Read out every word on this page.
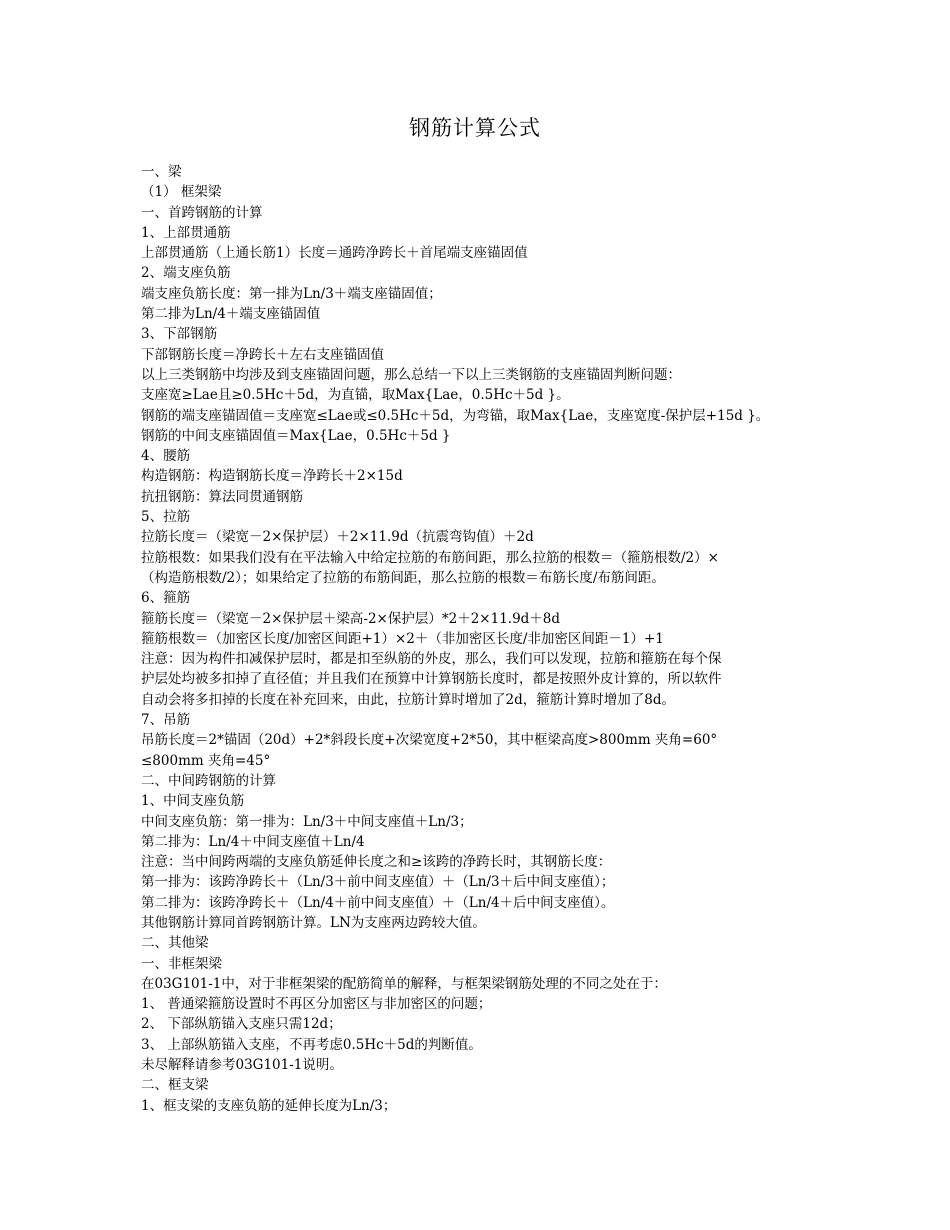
钢筋计算公式
一、梁
（1） 框架梁
一、首跨钢筋的计算
1、上部贯通筋
上部贯通筋（上通长筋1）长度＝通跨净跨长＋首尾端支座锚固值
2、端支座负筋
端支座负筋长度：第一排为Ln/3＋端支座锚固值；
第二排为Ln/4＋端支座锚固值
3、下部钢筋
下部钢筋长度＝净跨长＋左右支座锚固值
以上三类钢筋中均涉及到支座锚固问题，那么总结一下以上三类钢筋的支座锚固判断问题：
支座宽≥Lae且≥0.5Hc＋5d，为直锚，取Max{Lae，0.5Hc＋5d }。
钢筋的端支座锚固值＝支座宽≤Lae或≤0.5Hc＋5d，为弯锚，取Max{Lae，支座宽度-保护层+15d }。
钢筋的中间支座锚固值＝Max{Lae，0.5Hc＋5d }
4、腰筋
构造钢筋：构造钢筋长度＝净跨长＋2×15d
抗扭钢筋：算法同贯通钢筋
5、拉筋
拉筋长度＝（梁宽－2×保护层）＋2×11.9d（抗震弯钩值）＋2d
拉筋根数：如果我们没有在平法输入中给定拉筋的布筋间距，那么拉筋的根数＝（箍筋根数/2）×
（构造筋根数/2）；如果给定了拉筋的布筋间距，那么拉筋的根数＝布筋长度/布筋间距。
6、箍筋
箍筋长度＝（梁宽－2×保护层＋梁高-2×保护层）*2＋2×11.9d＋8d
箍筋根数＝（加密区长度/加密区间距+1）×2＋（非加密区长度/非加密区间距－1）+1
注意：因为构件扣减保护层时，都是扣至纵筋的外皮，那么，我们可以发现，拉筋和箍筋在每个保
护层处均被多扣掉了直径值；并且我们在预算中计算钢筋长度时，都是按照外皮计算的，所以软件
自动会将多扣掉的长度在补充回来，由此，拉筋计算时增加了2d，箍筋计算时增加了8d。
7、吊筋
吊筋长度＝2*锚固（20d）+2*斜段长度+次梁宽度+2*50，其中框梁高度>800mm 夹角=60°
≤800mm 夹角=45°
二、中间跨钢筋的计算
1、中间支座负筋
中间支座负筋：第一排为：Ln/3＋中间支座值＋Ln/3；
第二排为：Ln/4＋中间支座值＋Ln/4
注意：当中间跨两端的支座负筋延伸长度之和≥该跨的净跨长时，其钢筋长度：
第一排为：该跨净跨长＋（Ln/3＋前中间支座值）＋（Ln/3＋后中间支座值）；
第二排为：该跨净跨长＋（Ln/4＋前中间支座值）＋（Ln/4＋后中间支座值）。
其他钢筋计算同首跨钢筋计算。LN为支座两边跨较大值。
二、其他梁
一、非框架梁
在03G101-1中，对于非框架梁的配筋简单的解释，与框架梁钢筋处理的不同之处在于：
1、 普通梁箍筋设置时不再区分加密区与非加密区的问题；
2、 下部纵筋锚入支座只需12d；
3、 上部纵筋锚入支座，不再考虑0.5Hc＋5d的判断值。
未尽解释请参考03G101-1说明。
二、框支梁
1、框支梁的支座负筋的延伸长度为Ln/3；
